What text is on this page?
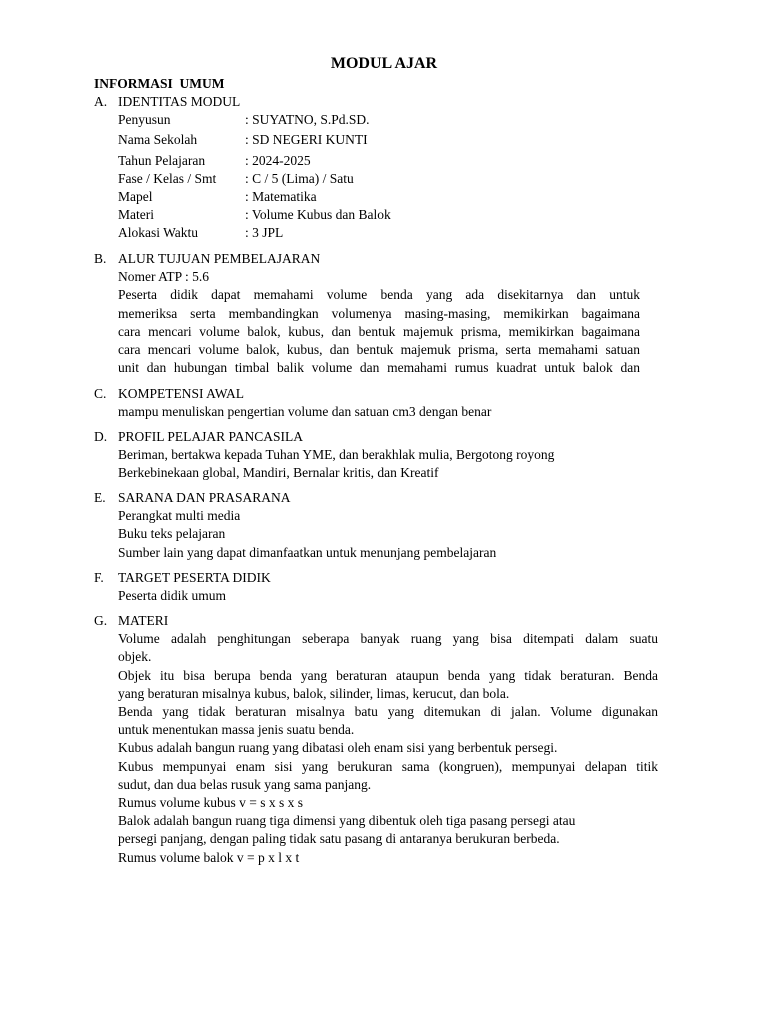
MODUL AJAR
INFORMASI  UMUM
A. IDENTITAS MODUL
Penyusun	: SUYATNO, S.Pd.SD.
Nama Sekolah	: SD NEGERI KUNTI
Tahun Pelajaran	: 2024-2025
Fase / Kelas / Smt : C / 5 (Lima) / Satu
Mapel	: Matematika
Materi	: Volume Kubus dan Balok
Alokasi Waktu	: 3 JPL
B. ALUR TUJUAN PEMBELAJARAN
Nomer ATP : 5.6
Peserta didik dapat memahami volume benda yang ada disekitarnya dan untuk
memeriksa serta membandingkan volumenya masing-masing, memikirkan bagaimana
cara mencari volume balok, kubus, dan bentuk majemuk prisma, memikirkan bagaimana
cara mencari volume balok, kubus, dan bentuk majemuk prisma, serta memahami satuan
unit dan hubungan timbal balik volume dan memahami rumus kuadrat untuk balok dan
C. KOMPETENSI AWAL
mampu menuliskan pengertian volume dan satuan cm3 dengan benar
D. PROFIL PELAJAR PANCASILA
Beriman, bertakwa kepada Tuhan YME, dan berakhlak mulia, Bergotong royong
Berkebinekaan global, Mandiri, Bernalar kritis, dan Kreatif
E. SARANA DAN PRASARANA
Perangkat multi media
Buku teks pelajaran
Sumber lain yang dapat dimanfaatkan untuk menunjang pembelajaran
F. TARGET PESERTA DIDIK
Peserta didik umum
G. MATERI
Volume adalah penghitungan seberapa banyak ruang yang bisa ditempati dalam suatu
objek.
Objek itu bisa berupa benda yang beraturan ataupun benda yang tidak beraturan. Benda
yang beraturan misalnya kubus, balok, silinder, limas, kerucut, dan bola.
Benda yang tidak beraturan misalnya batu yang ditemukan di jalan. Volume digunakan
untuk menentukan massa jenis suatu benda.
Kubus adalah bangun ruang yang dibatasi oleh enam sisi yang berbentuk persegi.
Kubus mempunyai enam sisi yang berukuran sama (kongruen), mempunyai delapan titik
sudut, dan dua belas rusuk yang sama panjang.
Rumus volume kubus v = s x s x s
Balok adalah bangun ruang tiga dimensi yang dibentuk oleh tiga pasang persegi atau
persegi panjang, dengan paling tidak satu pasang di antaranya berukuran berbeda.
Rumus volume balok v = p x l x t
